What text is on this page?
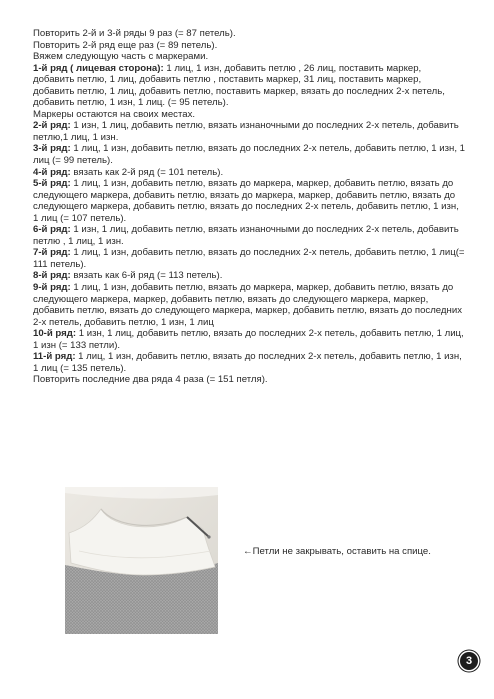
Повторить 2-й и 3-й ряды 9 раз (= 87 петель).

Повторить 2-й ряд еще раз (= 89 петель).

Вяжем следующую часть с маркерами.

1-й ряд ( лицевая сторона): 1 лиц, 1 изн, добавить петлю , 26 лиц, поставить маркер, добавить петлю, 1 лиц, добавить петлю , поставить маркер, 31 лиц, поставить маркер, добавить петлю, 1 лиц, добавить петлю, поставить маркер, вязать до последних 2-х петель, добавить петлю, 1 изн, 1 лиц. (= 95 петель).

Маркеры остаются на своих местах.

2-й ряд: 1 изн, 1 лиц, добавить петлю, вязать изнаночными до последних 2-х петель, добавить петлю,1 лиц, 1 изн.

3-й ряд: 1 лиц, 1 изн, добавить петлю, вязать до последних 2-х петель, добавить петлю, 1 изн, 1 лиц (= 99 петель).

4-й ряд: вязать как 2-й ряд (= 101 петель).

5-й ряд: 1 лиц, 1 изн, добавить петлю, вязать до маркера, маркер, добавить петлю, вязать до следующего маркера, добавить петлю, вязать до маркера, маркер, добавить петлю, вязать до следующего маркера, добавить петлю, вязать до последних 2-х петель, добавить петлю, 1 изн, 1 лиц (= 107 петель).

6-й ряд: 1 изн, 1 лиц, добавить петлю, вязать изнаночными до последних 2-х петель, добавить петлю , 1 лиц, 1 изн.

7-й ряд: 1 лиц, 1 изн, добавить петлю, вязать до последних 2-х петель, добавить петлю, 1 лиц(= 111 петель).

8-й ряд: вязать как 6-й ряд (= 113 петель).

9-й ряд: 1 лиц, 1 изн, добавить петлю, вязать до маркера, маркер, добавить петлю, вязать до следующего маркера, маркер, добавить петлю, вязать до следующего маркера, маркер, добавить петлю, вязать до следующего маркера, маркер, добавить петлю, вязать до последних 2-х петель, добавить петлю, 1 изн, 1 лиц

10-й ряд: 1 изн, 1 лиц, добавить петлю, вязать до последних 2-х петель, добавить петлю, 1 лиц, 1 изн (= 133 петли).

11-й ряд: 1 лиц, 1 изн, добавить петлю, вязать до последних 2-х петель, добавить петлю, 1 изн, 1 лиц (= 135 петель).

Повторить последние два ряда 4 раза (= 151 петля).

←Петли не закрывать, оставить на спице.
3
